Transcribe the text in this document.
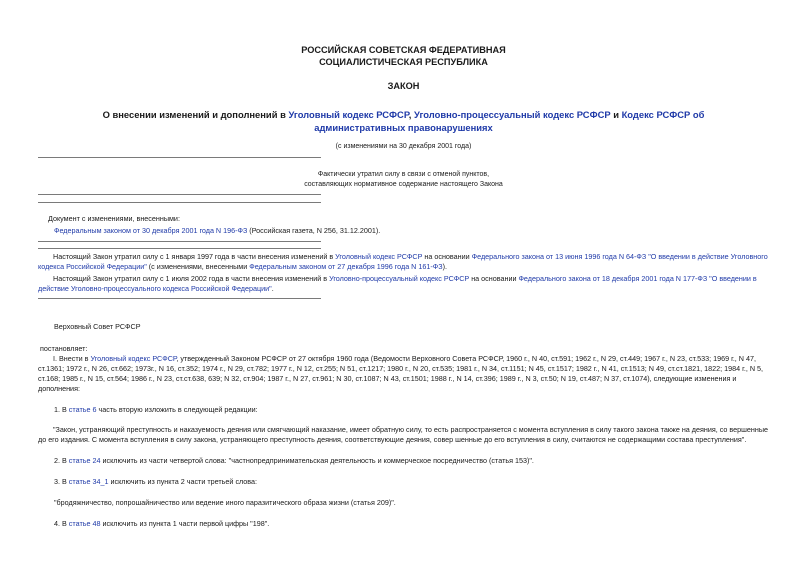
РОССИЙСКАЯ СОВЕТСКАЯ ФЕДЕРАТИВНАЯ
СОЦИАЛИСТИЧЕСКАЯ РЕСПУБЛИКА
ЗАКОН
О внесении изменений и дополнений в Уголовный кодекс РСФСР, Уголовно-процессуальный кодекс РСФСР и Кодекс РСФСР об административных правонарушениях
(с изменениями на 30 декабря 2001 года)
Фактически утратил силу в связи с отменой пунктов,
составляющих нормативное содержание настоящего Закона
Документ с изменениями, внесенными:
Федеральным законом от 30 декабря 2001 года N 196-ФЗ (Российская газета, N 256, 31.12.2001).
Настоящий Закон утратил силу с 1 января 1997 года в части внесения изменений в Уголовный кодекс РСФСР на основании Федерального закона от 13 июня 1996 года N 64-ФЗ "О введении в действие Уголовного кодекса Российской Федерации" (с изменениями, внесенными Федеральным законом от 27 декабря 1996 года N 161-ФЗ).
Настоящий Закон утратил силу с 1 июля 2002 года в части внесения изменений в Уголовно-процессуальный кодекс РСФСР на основании Федерального закона от 18 декабря 2001 года N 177-ФЗ "О введении в действие Уголовно-процессуального кодекса Российской Федерации".
Верховный Совет РСФСР
постановляет:
I. Внести в Уголовный кодекс РСФСР, утвержденный Законом РСФСР от 27 октября 1960 года (Ведомости Верховного Совета РСФСР, 1960 г., N 40, ст.591; 1962 г., N 29, ст.449; 1967 г., N 23, ст.533; 1969 г., N 47, ст.1361; 1972 г., N 26, ст.662; 1973г., N 16, ст.352; 1974 г., N 29, ст.782; 1977 г., N 12, ст.255; N 51, ст.1217; 1980 г., N 20, ст.535; 1981 г., N 34, ст.1151; N 45, ст.1517; 1982 г., N 41, ст.1513; N 49, ст.ст.1821, 1822; 1984 г., N 5, ст.168; 1985 г., N 15, ст.564; 1986 г., N 23, ст.ст.638, 639; N 32, ст.904; 1987 г., N 27, ст.961; N 30, ст.1087; N 43, ст.1501; 1988 г., N 14, ст.396; 1989 г., N 3, ст.50; N 19, ст.487; N 37, ст.1074), следующие изменения и дополнения:
1. В статье 6 часть вторую изложить в следующей редакции:
"Закон, устраняющий преступность и наказуемость деяния или смягчающий наказание, имеет обратную силу, то есть распространяется с момента вступления в силу такого закона также на деяния, со вершенные до его издания. С момента вступления в силу закона, устраняющего преступность деяния, соответствующие деяния, совер шенные до его вступления в силу, считаются не содержащими состава преступления".
2. В статье 24 исключить из части четвертой слова: "частнопредпринимательская деятельность и коммерческое посредничество (статья 153)".
3. В статье 34_1 исключить из пункта 2 части третьей слова:
"бродяжничество, попрошайничество или ведение иного паразитического образа жизни (статья 209)".
4. В статье 48 исключить из пункта 1 части первой цифры "198".
